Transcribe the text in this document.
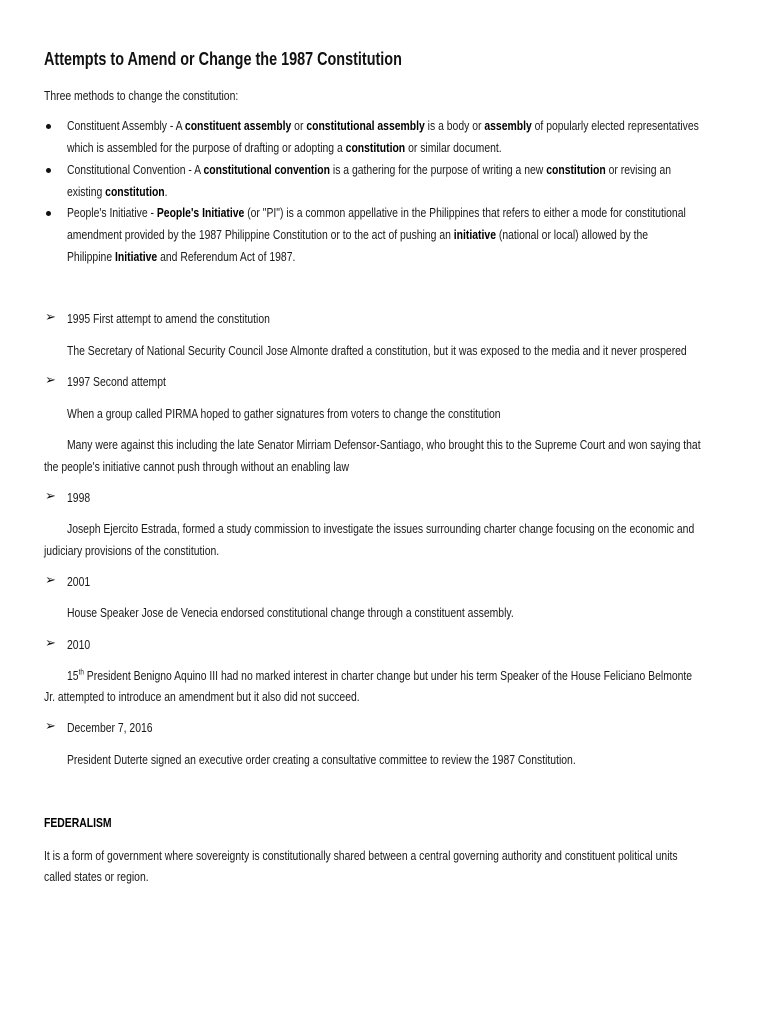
Attempts to Amend or Change the 1987 Constitution
Three methods to change the constitution:
Constituent Assembly - A constituent assembly or constitutional assembly is a body or assembly of popularly elected representatives
which is assembled for the purpose of drafting or adopting a constitution or similar document.
Constitutional Convention - A constitutional convention is a gathering for the purpose of writing a new constitution or revising an
existing constitution.
People's Initiative - People's Initiative (or "PI") is a common appellative in the Philippines that refers to either a mode for constitutional
amendment provided by the 1987 Philippine Constitution or to the act of pushing an initiative (national or local) allowed by the
Philippine Initiative and Referendum Act of 1987.
➢ 1995 First attempt to amend the constitution
The Secretary of National Security Council Jose Almonte drafted a constitution, but it was exposed to the media and it never prospered
➢ 1997 Second attempt
When a group called PIRMA hoped to gather signatures from voters to change the constitution
Many were against this including the late Senator Mirriam Defensor-Santiago, who brought this to the Supreme Court and won saying that
the people's initiative cannot push through without an enabling law
➢ 1998
Joseph Ejercito Estrada, formed a study commission to investigate the issues surrounding charter change focusing on the economic and
judiciary provisions of the constitution.
➢ 2001
House Speaker Jose de Venecia endorsed constitutional change through a constituent assembly.
➢ 2010
15th President Benigno Aquino III had no marked interest in charter change but under his term Speaker of the House Feliciano Belmonte
Jr. attempted to introduce an amendment but it also did not succeed.
➢ December 7, 2016
President Duterte signed an executive order creating a consultative committee to review the 1987 Constitution.
FEDERALISM
It is a form of government where sovereignty is constitutionally shared between a central governing authority and constituent political units
called states or region.
